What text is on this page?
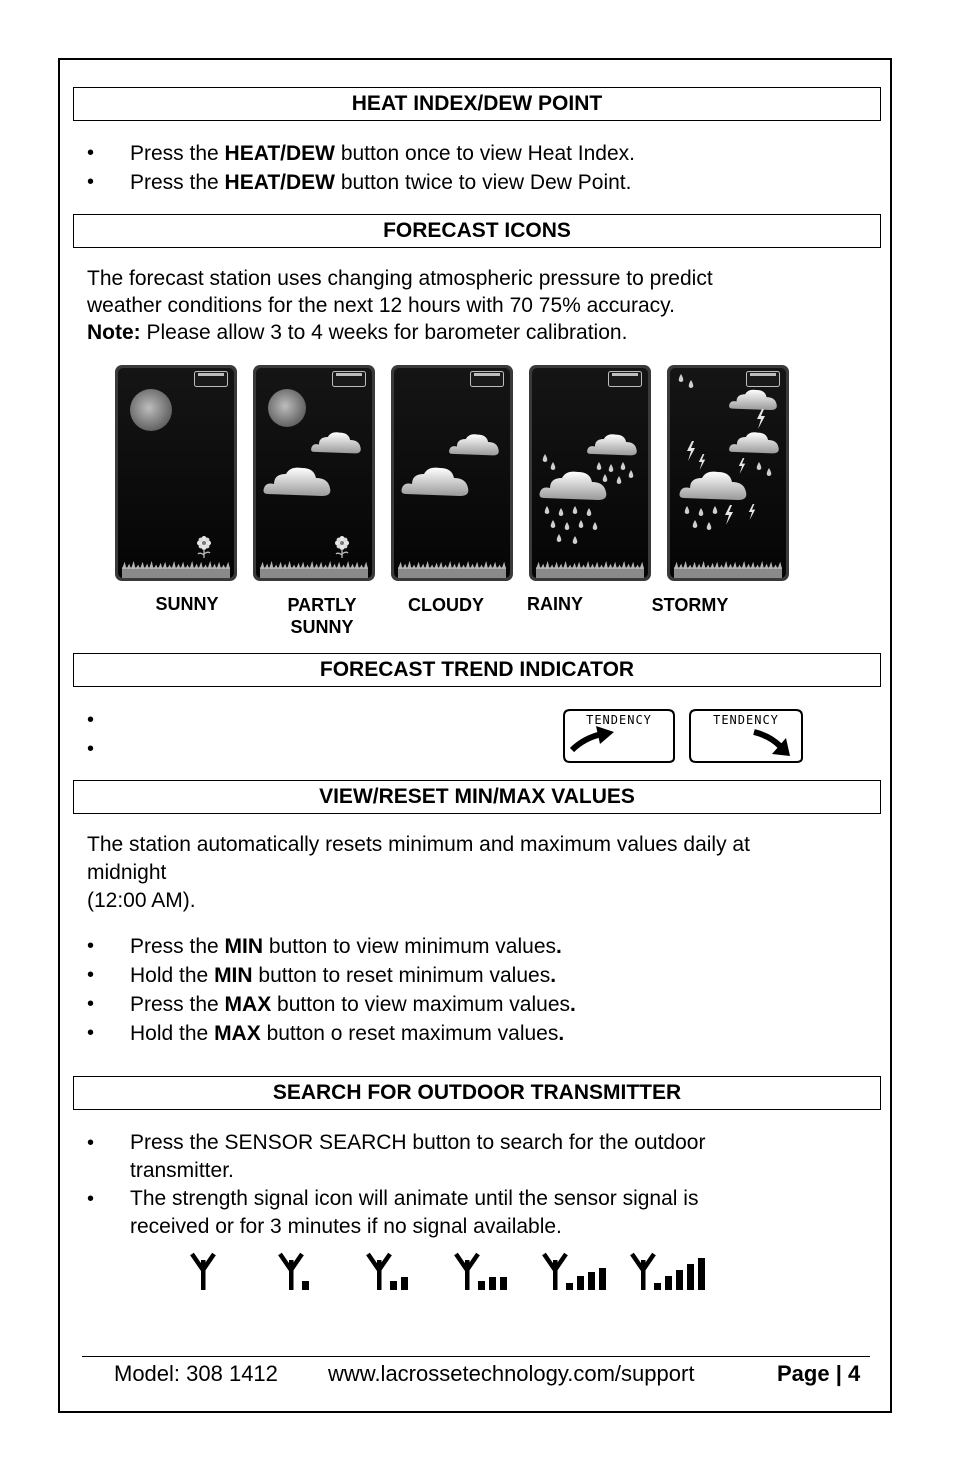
HEAT INDEX/DEW POINT
• Press the HEAT/DEW button once to view Heat Index.
• Press the HEAT/DEW button twice to view Dew Point.
FORECAST ICONS
The forecast station uses changing atmospheric pressure to predict
weather conditions for the next 12 hours with 70 75% accuracy.
Note: Please allow 3 to 4 weeks for barometer calibration.
SUNNY	PARTLY
SUNNY
CLOUDY	RAINY	STORMY
FORECAST TREND INDICATOR
•
•
TENDENCY	TENDENCY
VIEW/RESET MIN/MAX VALUES
The station automatically resets minimum and maximum values daily at
midnight
(12:00 AM).
• Press the MIN button to view minimum values.
• Hold the MIN button to reset minimum values.
• Press the MAX button to view maximum values.
• Hold the MAX button o reset maximum values.
SEARCH FOR OUTDOOR TRANSMITTER
• Press the SENSOR SEARCH button to search for the outdoor
transmitter.
• The strength signal icon will animate until the sensor signal is
received or for 3 minutes if no signal available.
Model: 308 1412 www.lacrossetechnology.com/support	Page | 4
